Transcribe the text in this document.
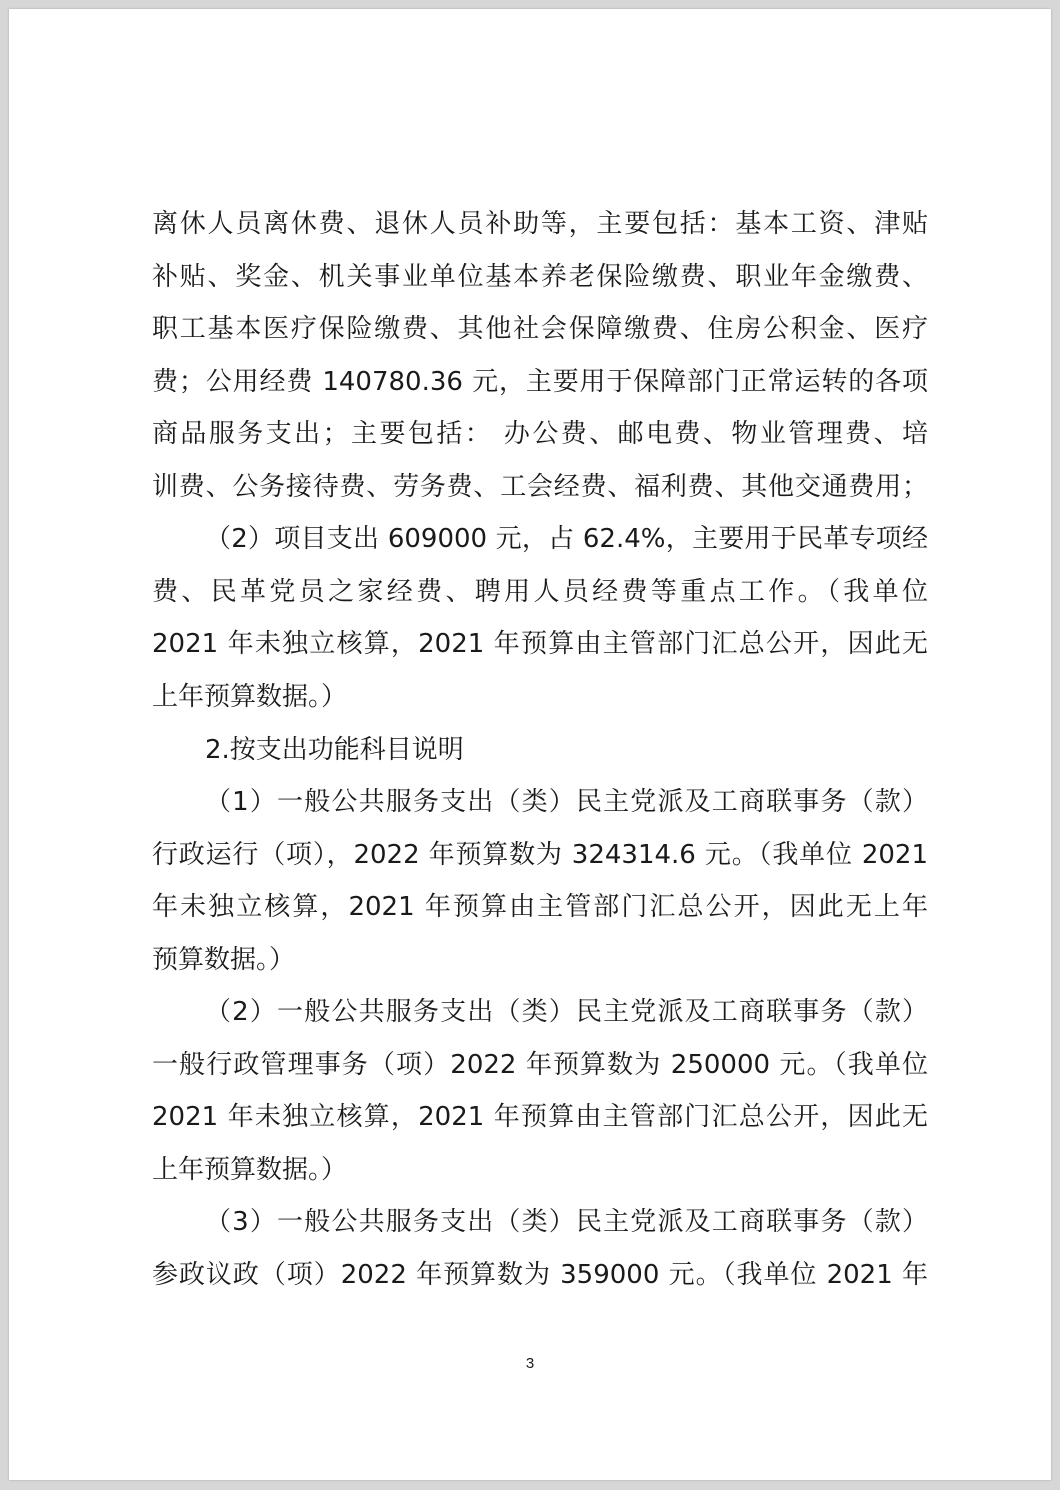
离休人员离休费、退休人员补助等，主要包括：基本工资、津贴
补贴、奖金、机关事业单位基本养老保险缴费、职业年金缴费、
职工基本医疗保险缴费、其他社会保障缴费、住房公积金、医疗
费；公用经费 140780.36 元，主要用于保障部门正常运转的各项
商品服务支出；主要包括： 办公费、邮电费、物业管理费、培
训费、公务接待费、劳务费、工会经费、福利费、其他交通费用；
（2）项目支出 609000 元，占 62.4%，主要用于民革专项经
费、民革党员之家经费、聘用人员经费等重点工作。（我单位
2021 年未独立核算，2021 年预算由主管部门汇总公开，因此无
上年预算数据。）
2.按支出功能科目说明
（1）一般公共服务支出（类）民主党派及工商联事务（款）
行政运行（项），2022 年预算数为 324314.6 元。（我单位 2021
年未独立核算，2021 年预算由主管部门汇总公开，因此无上年
预算数据。）
（2）一般公共服务支出（类）民主党派及工商联事务（款）
一般行政管理事务（项）2022 年预算数为 250000 元。（我单位
2021 年未独立核算，2021 年预算由主管部门汇总公开，因此无
上年预算数据。）
（3）一般公共服务支出（类）民主党派及工商联事务（款）
参政议政（项）2022 年预算数为 359000 元。（我单位 2021 年
3
